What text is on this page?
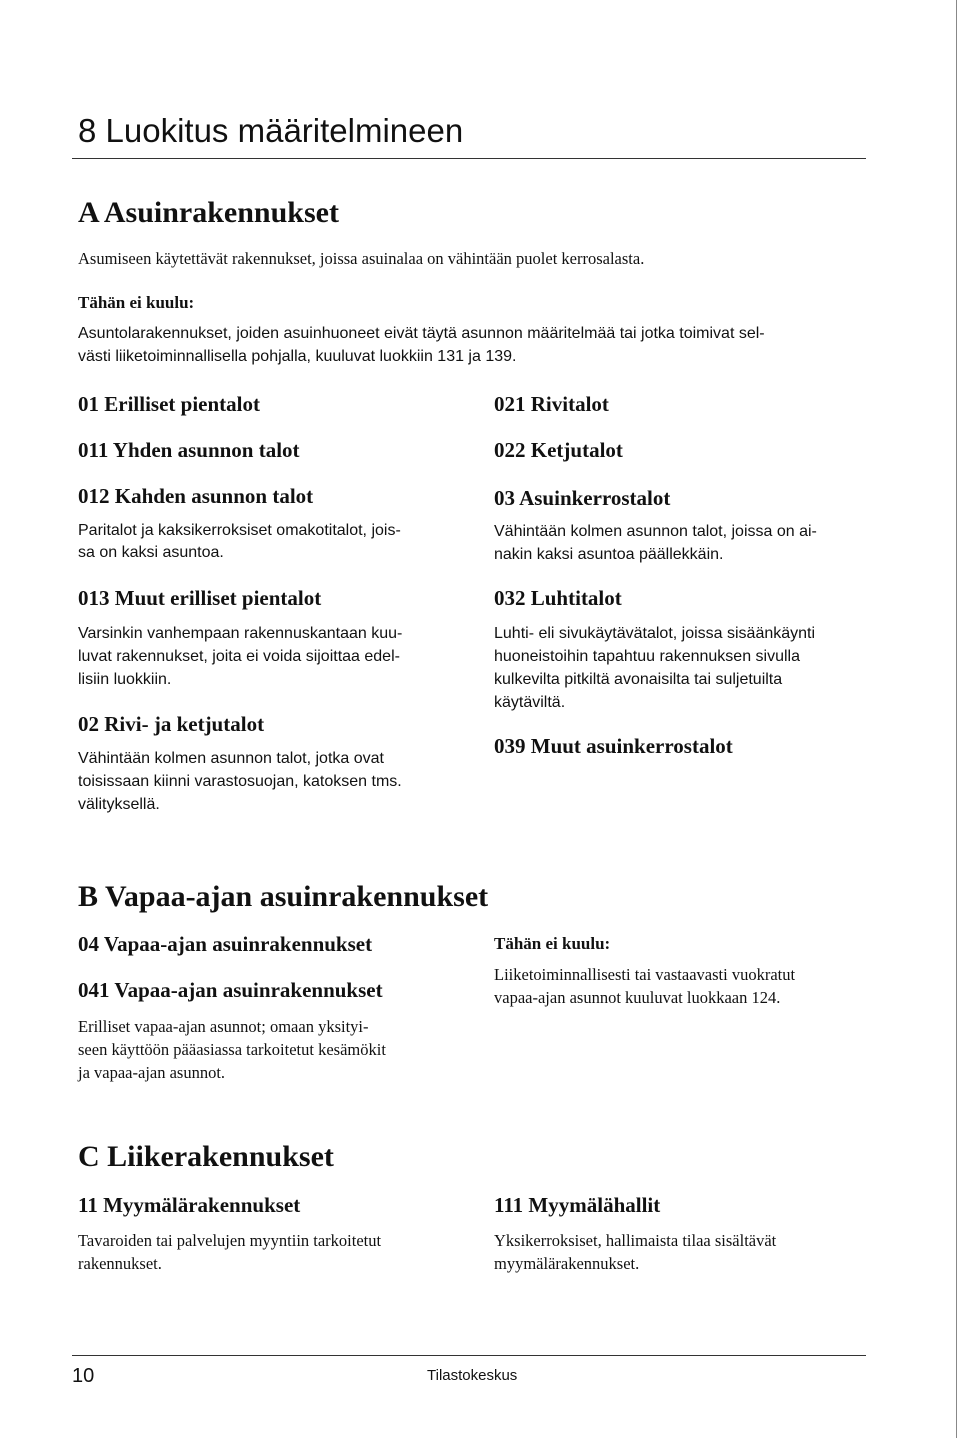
8 Luokitus määritelmineen
A Asuinrakennukset
Asumiseen käytettävät rakennukset, joissa asuinalaa on vähintään puolet kerrosalasta.
Tähän ei kuulu:
Asuntolarakennukset, joiden asuinhuoneet eivät täytä asunnon määritelmää tai jotka toimivat sel-
västi liiketoiminnallisella pohjalla, kuuluvat luokkiin 131 ja 139.
01 Erilliset pientalot
011 Yhden asunnon talot
012 Kahden asunnon talot
Paritalot ja kaksikerroksiset omakotitalot, jois-
sa on kaksi asuntoa.
013 Muut erilliset pientalot
Varsinkin vanhempaan rakennuskantaan kuu-
luvat rakennukset, joita ei voida sijoittaa edel-
lisiin luokkiin.
02 Rivi- ja ketjutalot
Vähintään kolmen asunnon talot, jotka ovat
toisissaan kiinni varastosuojan, katoksen tms.
välityksellä.
021 Rivitalot
022 Ketjutalot
03 Asuinkerrostalot
Vähintään kolmen asunnon talot, joissa on ai-
nakin kaksi asuntoa päällekkäin.
032 Luhtitalot
Luhti- eli sivukäytävätalot, joissa sisäänkäynti
huoneistoihin tapahtuu rakennuksen sivulla
kulkevilta pitkiltä avonaisilta tai suljetuilta
käytäviltä.
039 Muut asuinkerrostalot
B Vapaa-ajan asuinrakennukset
04 Vapaa-ajan asuinrakennukset
041 Vapaa-ajan asuinrakennukset
Erilliset vapaa-ajan asunnot; omaan yksityi-
seen käyttöön pääasiassa tarkoitetut kesämökit
ja vapaa-ajan asunnot.
Tähän ei kuulu:
Liiketoiminnallisesti tai vastaavasti vuokratut
vapaa-ajan asunnot kuuluvat luokkaan 124.
C Liikerakennukset
11 Myymälärakennukset
Tavaroiden tai palvelujen myyntiin tarkoitetut
rakennukset.
111 Myymälähallit
Yksikerroksiset, hallimaista tilaa sisältävät
myymälärakennukset.
10	Tilastokeskus
